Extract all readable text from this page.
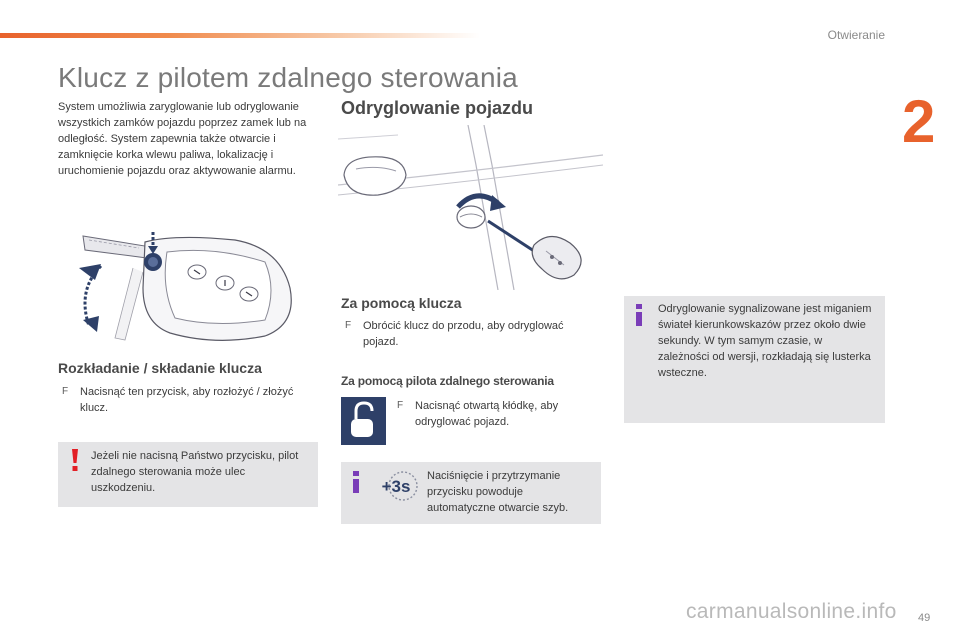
Otwieranie
2
Klucz z pilotem zdalnego sterowania

System umożliwia zaryglowanie lub odryglowanie wszystkich zamków pojazdu poprzez zamek lub na odległość. System zapewnia także otwarcie i zamknięcie korka wlewu paliwa, lokalizację i uruchomienie pojazdu oraz aktywowanie alarmu.

Rozkładanie / składanie klucza
F Nacisnąć ten przycisk, aby rozłożyć / złożyć klucz.
Jeżeli nie nacisną Państwo przycisku, pilot zdalnego sterowania może ulec uszkodzeniu.
Odryglowanie pojazdu
Za pomocą klucza
F Obrócić klucz do przodu, aby odryglować pojazd.
Za pomocą pilota zdalnego sterowania
F Nacisnąć otwartą kłódkę, aby odryglować pojazd.
+3s
Naciśnięcie i przytrzymanie przycisku powoduje automatyczne otwarcie szyb.
Odryglowanie sygnalizowane jest miganiem świateł kierunkowskazów przez około dwie sekundy. W tym samym czasie, w zależności od wersji, rozkładają się lusterka wsteczne.
carmanualsonline.info 49
